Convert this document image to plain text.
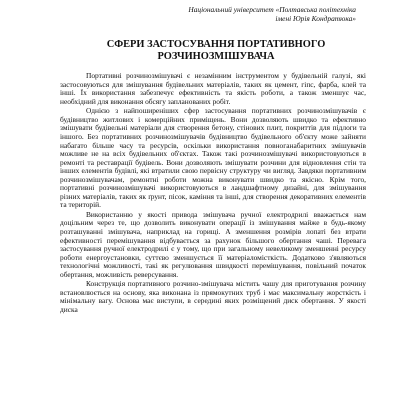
Національний університет «Полтавська політехніка
імені Юрія Кондратюка»
СФЕРИ ЗАСТОСУВАННЯ ПОРТАТИВНОГО
РОЗЧИНОЗМІШУВАЧА

Портативні розчинозмішувачі є незамінним інструментом у будівельній галузі, які застосовуються для змішування будівельних матеріалів, таких як цемент, гіпс, фарба, клей та інші. Їх використання забезпечує ефективність та якість роботи, а також зменшує час, необхідний для виконання обсягу запланованих робіт.

Однією з найпоширеніших сфер застосування портативних розчинозмішувачів є будівництво житлових і комерційних приміщень. Вони дозволяють швидко та ефективно змішувати будівельні матеріали для створення бетону, стінових плит, покриттів для підлоги та іншого. Без портативних розчинозмішувачів будівництво будівельного об'єкту може зайняти набагато більше часу та ресурсів, оскільки використання повноганабаритних змішувачів можливе не на всіх будівельних об'єктах. Також такі розчинозмішувачі використовуються в ремонті та реставрації будівель. Вони дозволяють змішувати розчини для відновлення стін та інших елементів будівлі, які втратили свою первісну структуру чи вигляд. Завдяки портативним розчинозмішувачам, ремонтні роботи можна виконувати швидко та якісно. Крім того, портативні розчинозмішувачі використовуються в ландшафтному дизайні, для змішування різних матеріалів, таких як ґрунт, пісок, каміння та інші, для створення декоративних елементів та територій.

Використанню у якості привода змішувача ручної електродрилі вважається нам доцільним через те, що дозволить виконувати операції із змішування майже в будь-якому розташуванні змішувача, наприклад на горищі. А зменшення розмірів лопаті без втрати ефективності перемішування відбувається за рахунок більшого обертання чаші. Перевага застосування ручної електродрилі є у тому, що при загальному невеликому зменшенні ресурсу роботи енергоустановки, суттєво зменшується її матеріаломісткість. Додатково з'являються технологічні можливості, такі як регулювання швидкості перемішування, повільний початок обертання, можливість реверсування.

Конструкція портативного розчино-змішувача містить чашу для приготування розчину встановлюється на основу, яка виконана із прямокутних труб і має максимальну жорсткість і мінімальну вагу. Основа має виступи, в середині яких розміщений диск обертання. У якості диска
